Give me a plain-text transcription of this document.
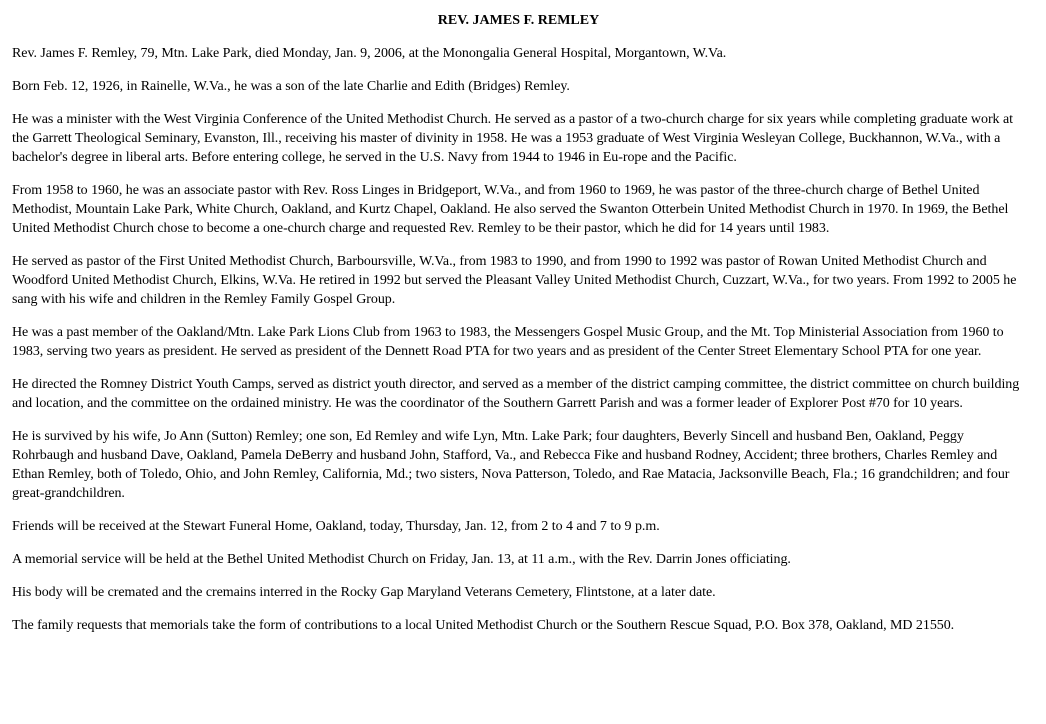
REV. JAMES F. REMLEY

Rev. James F. Remley, 79, Mtn. Lake Park, died Monday, Jan. 9, 2006, at the Monongalia General Hospital, Morgantown, W.Va.

Born Feb. 12, 1926, in Rainelle, W.Va., he was a son of the late Charlie and Edith (Bridges) Remley.

He was a minister with the West Virginia Conference of the United Methodist Church. He served as a pastor of a two-church charge for six years while completing graduate work at the Garrett Theological Seminary, Evanston, Ill., receiving his master of divinity in 1958. He was a 1953 graduate of West Virginia Wesleyan College, Buckhannon, W.Va., with a bachelor's degree in liberal arts. Before entering college, he served in the U.S. Navy from 1944 to 1946 in Eu-rope and the Pacific.

From 1958 to 1960, he was an associate pastor with Rev. Ross Linges in Bridgeport, W.Va., and from 1960 to 1969, he was pastor of the three-church charge of Bethel United Methodist, Mountain Lake Park, White Church, Oakland, and Kurtz Chapel, Oakland. He also served the Swanton Otterbein United Methodist Church in 1970. In 1969, the Bethel United Methodist Church chose to become a one-church charge and requested Rev. Remley to be their pastor, which he did for 14 years until 1983.

He served as pastor of the First United Methodist Church, Barboursville, W.Va., from 1983 to 1990, and from 1990 to 1992 was pastor of Rowan United Methodist Church and Woodford United Methodist Church, Elkins, W.Va. He retired in 1992 but served the Pleasant Valley United Methodist Church, Cuzzart, W.Va., for two years. From 1992 to 2005 he sang with his wife and children in the Remley Family Gospel Group.

He was a past member of the Oakland/Mtn. Lake Park Lions Club from 1963 to 1983, the Messengers Gospel Music Group, and the Mt. Top Ministerial Association from 1960 to 1983, serving two years as president. He served as president of the Dennett Road PTA for two years and as president of the Center Street Elementary School PTA for one year.

He directed the Romney District Youth Camps, served as district youth director, and served as a member of the district camping committee, the district committee on church building and location, and the committee on the ordained ministry. He was the coordinator of the Southern Garrett Parish and was a former leader of Explorer Post #70 for 10 years.

He is survived by his wife, Jo Ann (Sutton) Remley; one son, Ed Remley and wife Lyn, Mtn. Lake Park; four daughters, Beverly Sincell and husband Ben, Oakland, Peggy Rohrbaugh and husband Dave, Oakland, Pamela DeBerry and husband John, Stafford, Va., and Rebecca Fike and husband Rodney, Accident; three brothers, Charles Remley and Ethan Remley, both of Toledo, Ohio, and John Remley, California, Md.; two sisters, Nova Patterson, Toledo, and Rae Matacia, Jacksonville Beach, Fla.; 16 grandchildren; and four great-grandchildren.

Friends will be received at the Stewart Funeral Home, Oakland, today, Thursday, Jan. 12, from 2 to 4 and 7 to 9 p.m.

A memorial service will be held at the Bethel United Methodist Church on Friday, Jan. 13, at 11 a.m., with the Rev. Darrin Jones officiating.

His body will be cremated and the cremains interred in the Rocky Gap Maryland Veterans Cemetery, Flintstone, at a later date.

The family requests that memorials take the form of contributions to a local United Methodist Church or the Southern Rescue Squad, P.O. Box 378, Oakland, MD 21550.
